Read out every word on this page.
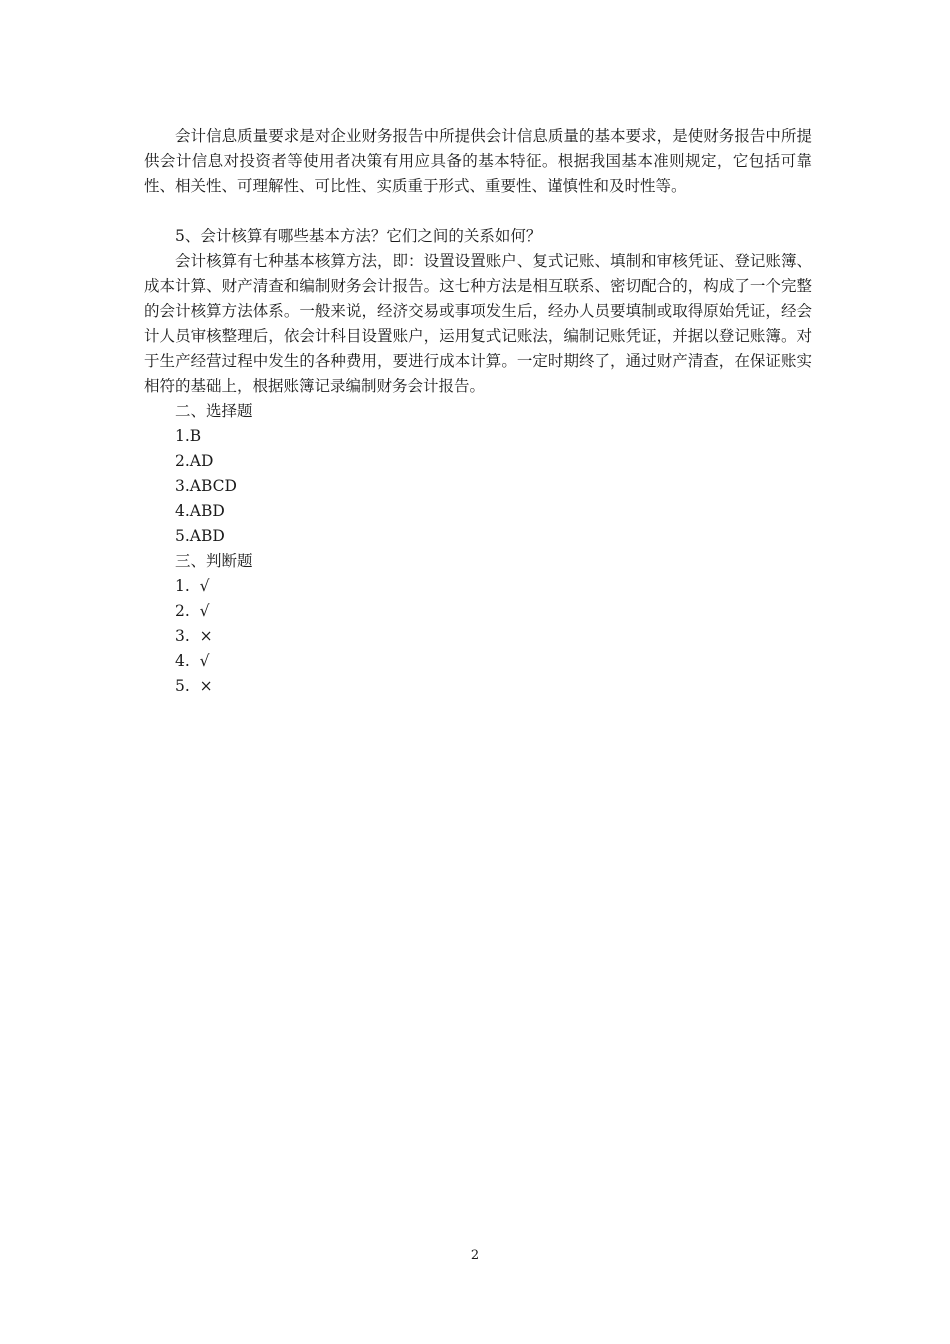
会计信息质量要求是对企业财务报告中所提供会计信息质量的基本要求，是使财务报告中所提供会计信息对投资者等使用者决策有用应具备的基本特征。根据我国基本准则规定，它包括可靠性、相关性、可理解性、可比性、实质重于形式、重要性、谨慎性和及时性等。

5、会计核算有哪些基本方法？它们之间的关系如何？

会计核算有七种基本核算方法，即：设置设置账户、复式记账、填制和审核凭证、登记账簿、成本计算、财产清查和编制财务会计报告。这七种方法是相互联系、密切配合的，构成了一个完整的会计核算方法体系。一般来说，经济交易或事项发生后，经办人员要填制或取得原始凭证，经会计人员审核整理后，依会计科目设置账户，运用复式记账法，编制记账凭证，并据以登记账簿。对于生产经营过程中发生的各种费用，要进行成本计算。一定时期终了，通过财产清查，在保证账实相符的基础上，根据账簿记录编制财务会计报告。

二、选择题

1.B

2.AD

3.ABCD

4.ABD

5.ABD

三、判断题

1.  √

2.  √

3.  ×

4.  √

5.  ×

2
